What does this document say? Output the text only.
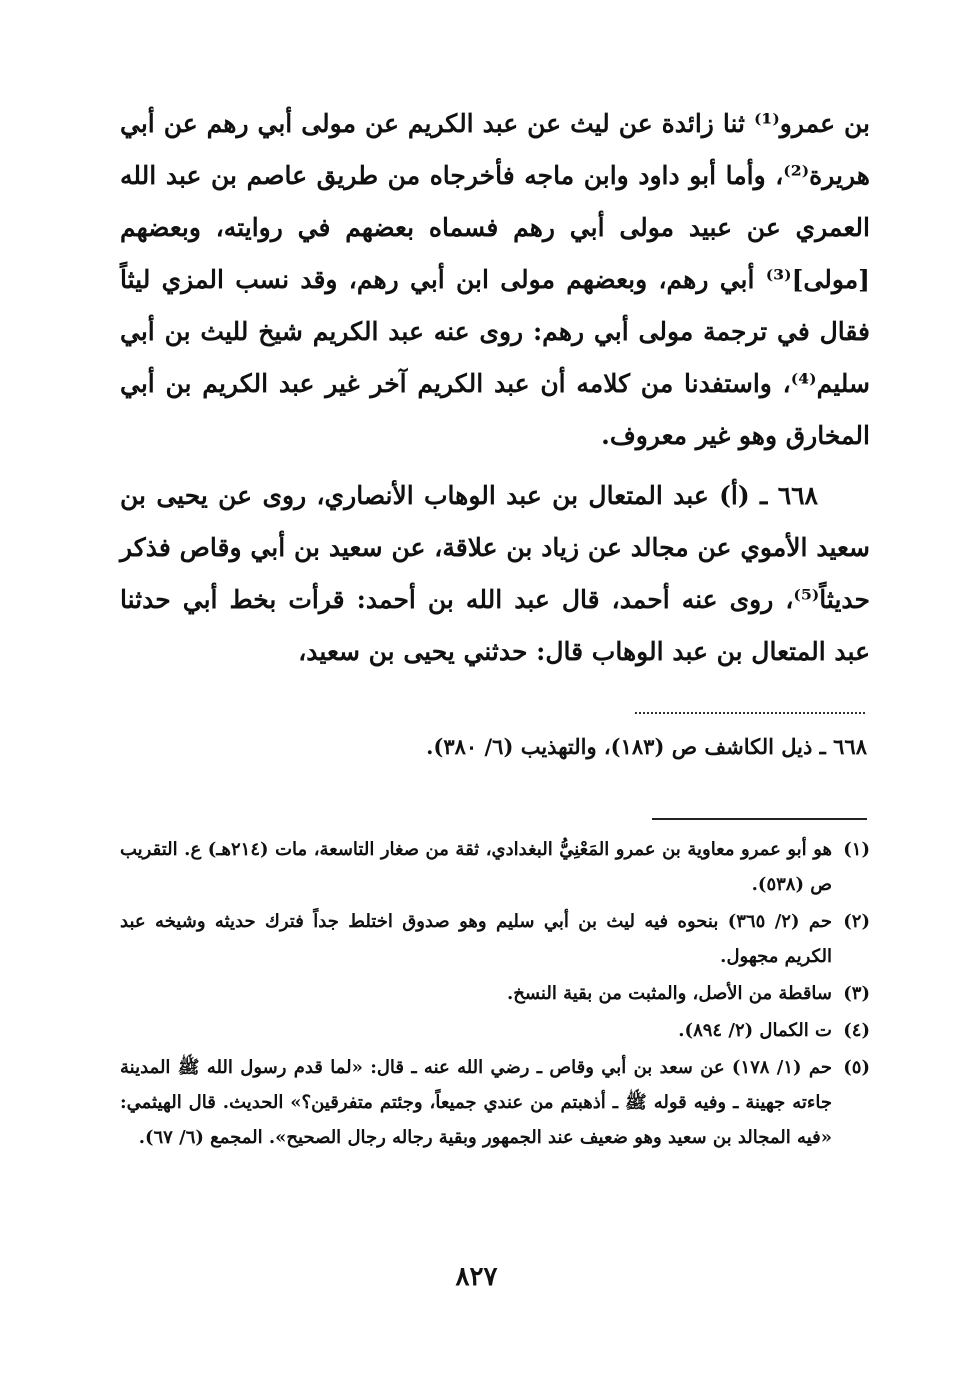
بن عمرو⁽¹⁾ ثنا زائدة عن ليث عن عبد الكريم عن مولى أبي رهم عن أبي هريرة⁽²⁾، وأما أبو داود وابن ماجه فأخرجاه من طريق عاصم بن عبد الله العمري عن عبيد مولى أبي رهم فسماه بعضهم في روايته، وبعضهم [مولى]⁽³⁾ أبي رهم، وبعضهم مولى ابن أبي رهم، وقد نسب المزي ليثاً فقال في ترجمة مولى أبي رهم: روى عنه عبد الكريم شيخ لليث بن أبي سليم⁽⁴⁾، واستفدنا من كلامه أن عبد الكريم آخر غير عبد الكريم بن أبي المخارق وهو غير معروف.

٦٦٨ ـ (أ) عبد المتعال بن عبد الوهاب الأنصاري، روى عن يحيى بن سعيد الأموي عن مجالد عن زياد بن علاقة، عن سعيد بن أبي وقاص فذكر حديثاً⁽⁵⁾، روى عنه أحمد، قال عبد الله بن أحمد: قرأت بخط أبي حدثنا عبد المتعال بن عبد الوهاب قال: حدثني يحيى بن سعيد،

٦٦٨ ـ ذيل الكاشف ص (١٨٣)، والتهذيب (٦/ ٣٨٠).
(١)
هو أبو عمرو معاوية بن عمرو المَعْنِيُّ البغدادي، ثقة من صغار التاسعة، مات (٢١٤هـ) ع. التقريب ص (٥٣٨).
(٢)
حم (٢/ ٣٦٥) بنحوه فيه ليث بن أبي سليم وهو صدوق اختلط جداً فترك حديثه وشيخه عبد الكريم مجهول.
(٣)
ساقطة من الأصل، والمثبت من بقية النسخ.
(٤)
ت الكمال (٢/ ٨٩٤).
(٥)
حم (١/ ١٧٨) عن سعد بن أبي وقاص ـ رضي الله عنه ـ قال: «لما قدم رسول الله ﷺ المدينة جاءته جهينة ـ وفيه قوله ﷺ ـ أذهبتم من عندي جميعاً، وجئتم متفرقين؟» الحديث. قال الهيثمي: «فيه المجالد بن سعيد وهو ضعيف عند الجمهور وبقية رجاله رجال الصحيح». المجمع (٦/ ٦٧).
٨٢٧
